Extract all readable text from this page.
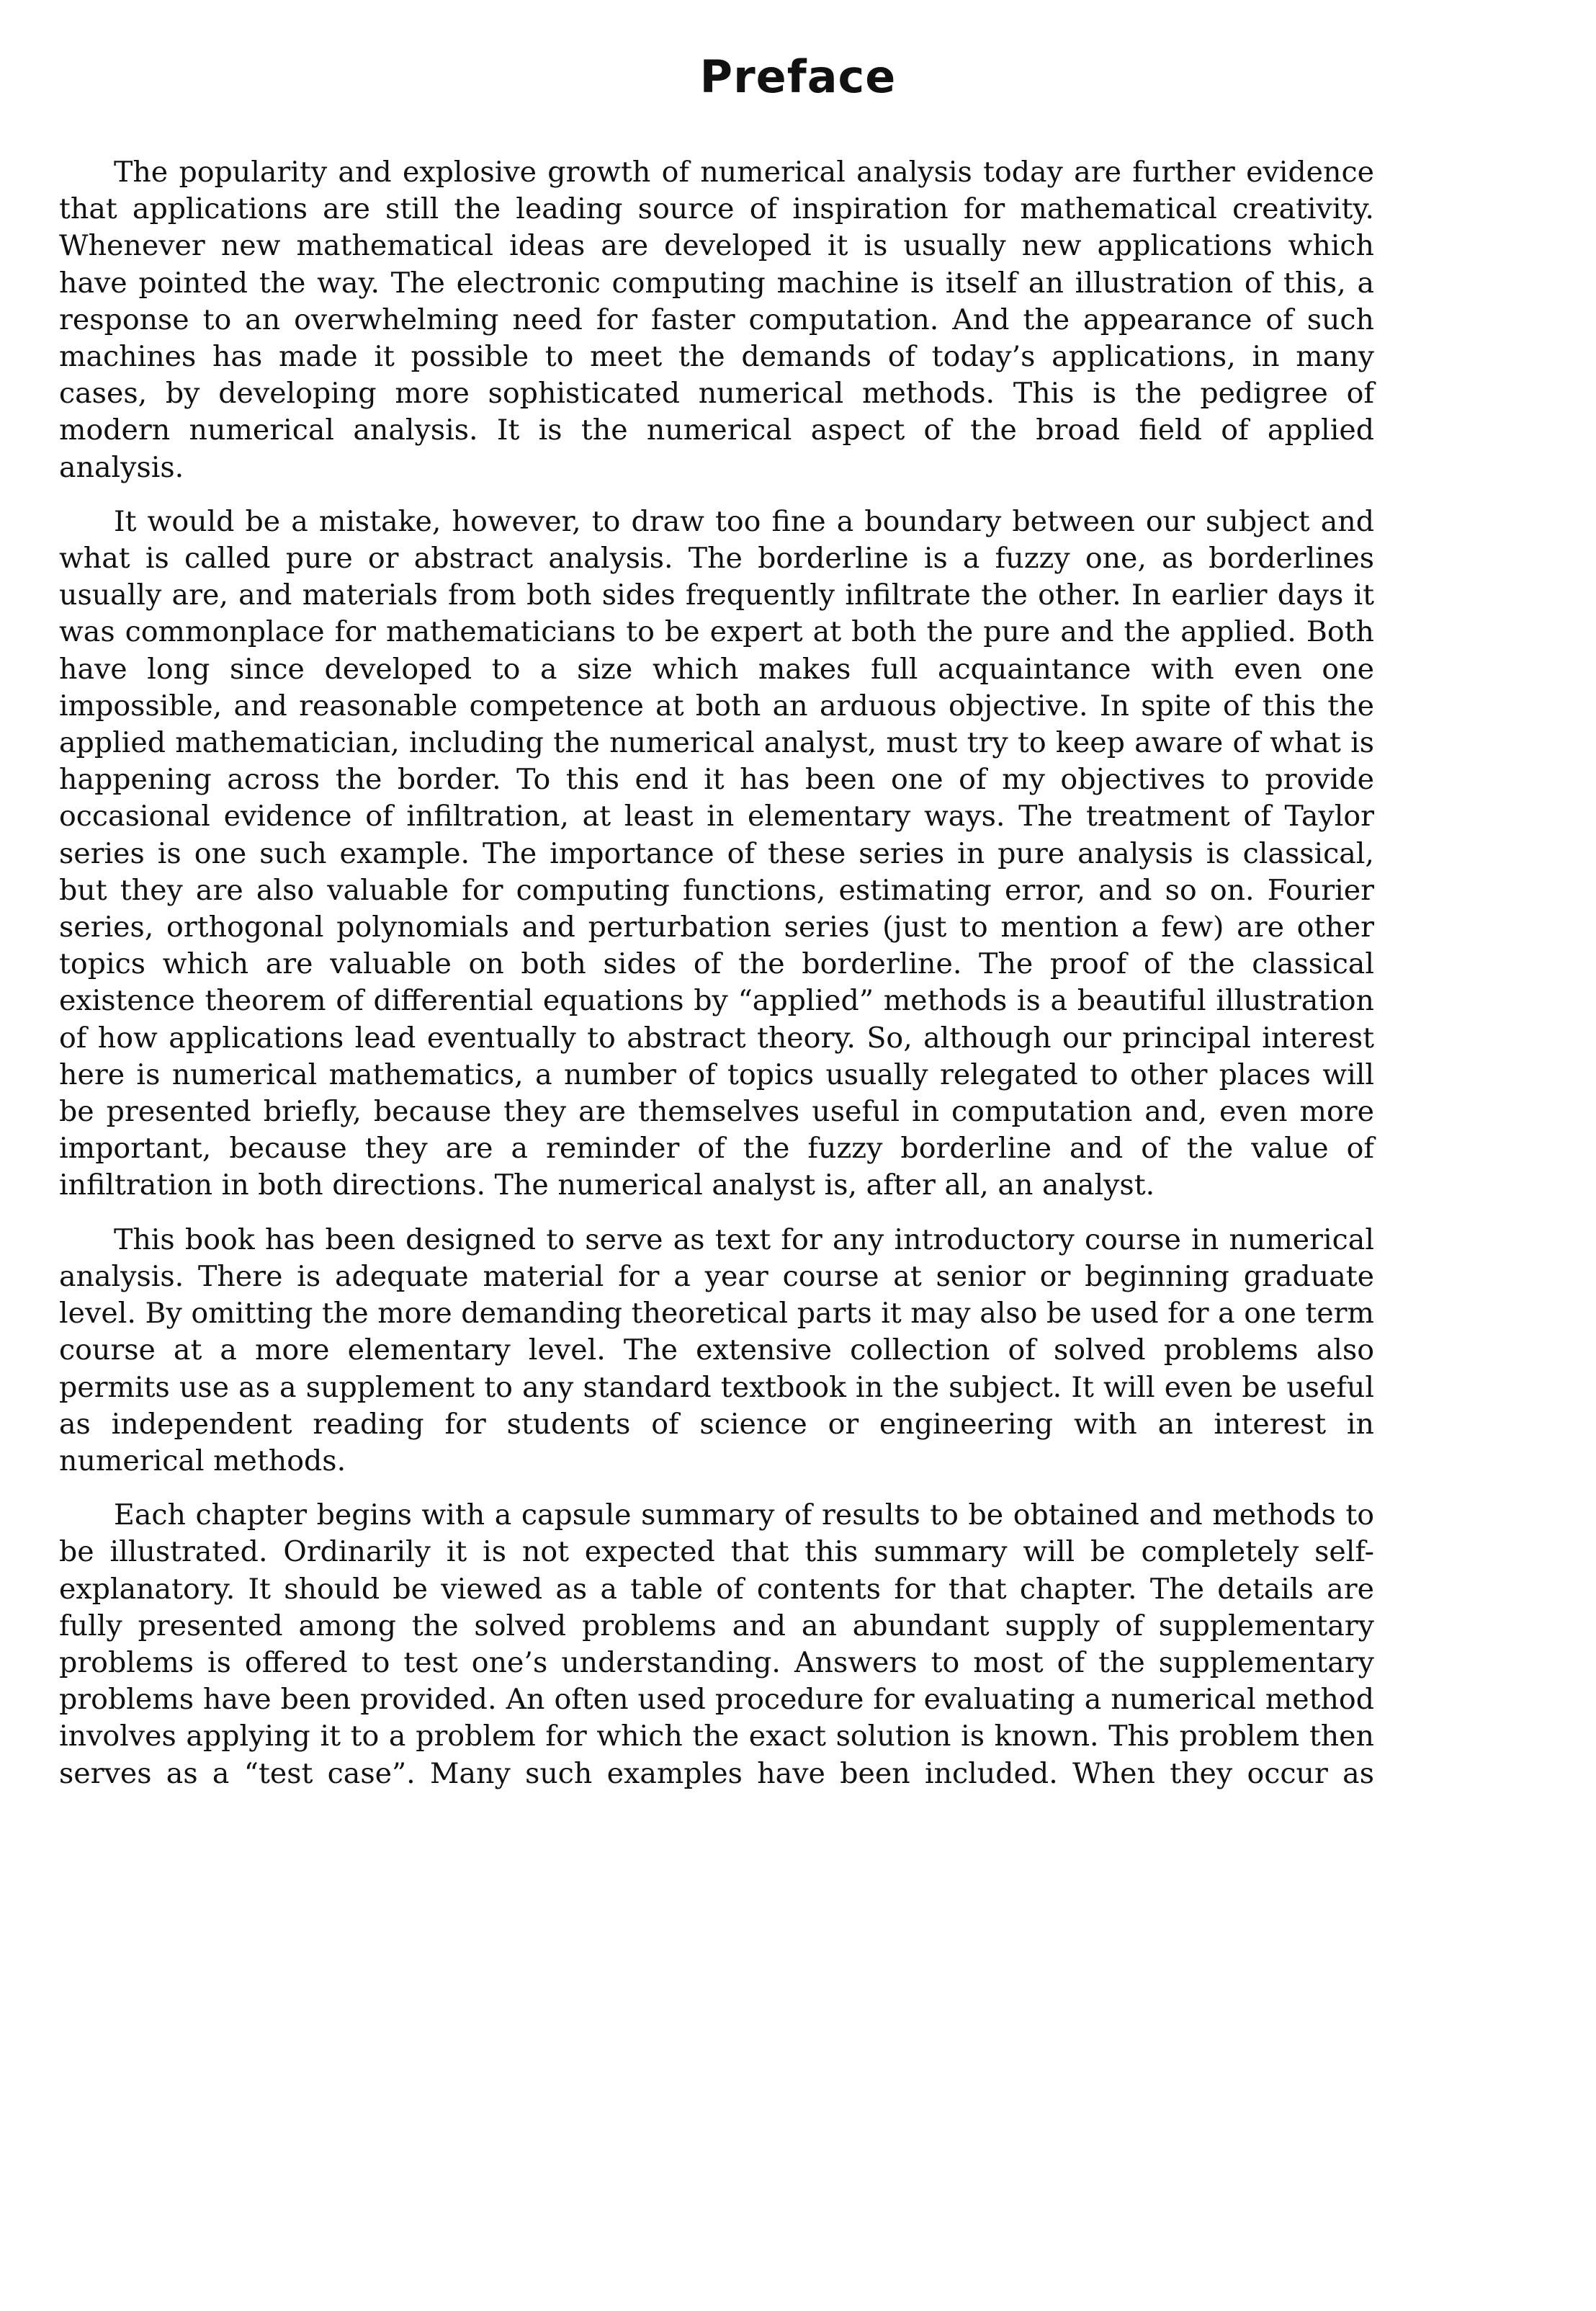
Preface

The popularity and explosive growth of numerical analysis today are further evidence that applications are still the leading source of inspiration for mathematical creativity. Whenever new mathematical ideas are developed it is usually new applications which have pointed the way. The electronic computing machine is itself an illustration of this, a response to an overwhelming need for faster computation. And the appearance of such machines has made it possible to meet the demands of today’s applications, in many cases, by developing more sophisticated numerical methods. This is the pedigree of modern numerical analysis. It is the numerical aspect of the broad field of applied analysis.

It would be a mistake, however, to draw too fine a boundary between our subject and what is called pure or abstract analysis. The borderline is a fuzzy one, as borderlines usually are, and materials from both sides frequently infiltrate the other. In earlier days it was commonplace for mathematicians to be expert at both the pure and the applied. Both have long since developed to a size which makes full acquaintance with even one impossible, and reasonable competence at both an arduous objective. In spite of this the applied mathematician, including the numerical analyst, must try to keep aware of what is happening across the border. To this end it has been one of my objectives to provide occasional evidence of infiltration, at least in elementary ways. The treatment of Taylor series is one such example. The importance of these series in pure analysis is classical, but they are also valuable for computing functions, estimating error, and so on. Fourier series, orthogonal polynomials and perturbation series (just to mention a few) are other topics which are valuable on both sides of the borderline. The proof of the classical existence theorem of differential equations by “applied” methods is a beautiful illustration of how applications lead eventually to abstract theory. So, although our principal interest here is numerical mathematics, a number of topics usually relegated to other places will be presented briefly, because they are themselves useful in computation and, even more important, because they are a reminder of the fuzzy borderline and of the value of infiltration in both directions. The numerical analyst is, after all, an analyst.

This book has been designed to serve as text for any introductory course in numerical analysis. There is adequate material for a year course at senior or beginning graduate level. By omitting the more demanding theoretical parts it may also be used for a one term course at a more elementary level. The extensive collection of solved problems also permits use as a supplement to any standard textbook in the subject. It will even be useful as independent reading for students of science or engineering with an interest in numerical methods.

Each chapter begins with a capsule summary of results to be obtained and methods to be illustrated. Ordinarily it is not expected that this summary will be completely self-explanatory. It should be viewed as a table of contents for that chapter. The details are fully presented among the solved problems and an abundant supply of supplementary problems is offered to test one’s understanding. Answers to most of the supplementary problems have been provided. An often used procedure for evaluating a numerical method involves applying it to a problem for which the exact solution is known. This problem then serves as a “test case”. Many such examples have been included. When they occur as
